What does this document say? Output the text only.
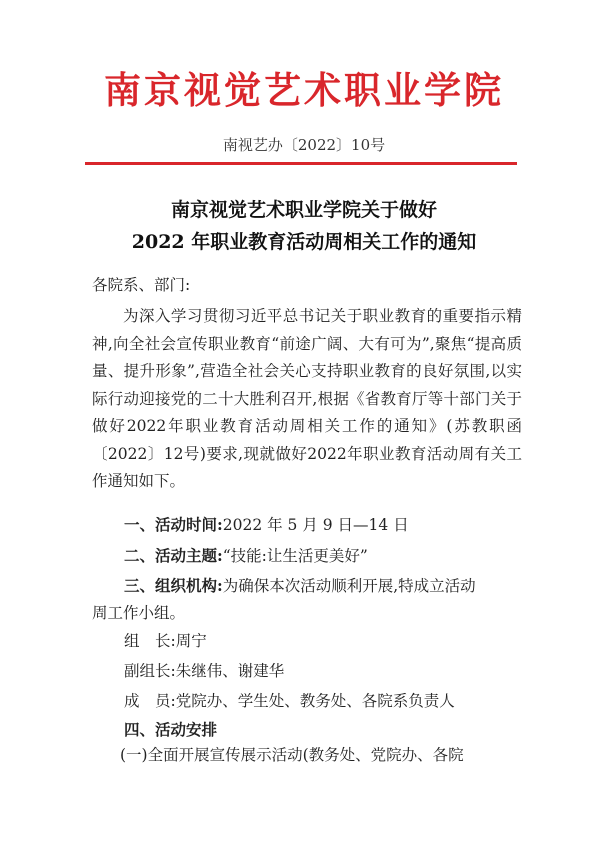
南京视觉艺术职业学院
南视艺办〔2022〕10号
南京视觉艺术职业学院关于做好
2022 年职业教育活动周相关工作的通知
各院系、部门:
为深入学习贯彻习近平总书记关于职业教育的重要指示精神,向全社会宣传职业教育“前途广阔、大有可为”,聚焦“提高质量、提升形象”,营造全社会关心支持职业教育的良好氛围,以实际行动迎接党的二十大胜利召开,根据《省教育厅等十部门关于做好2022年职业教育活动周相关工作的通知》(苏教职函〔2022〕12号)要求,现就做好2022年职业教育活动周有关工作通知如下。
一、活动时间:2022 年 5 月 9 日—14 日
二、活动主题:“技能:让生活更美好”
三、组织机构:为确保本次活动顺利开展,特成立活动
周工作小组。
组　长:周宁
副组长:朱继伟、谢建华
成　员:党院办、学生处、教务处、各院系负责人
四、活动安排
(一)全面开展宣传展示活动(教务处、党院办、各院
